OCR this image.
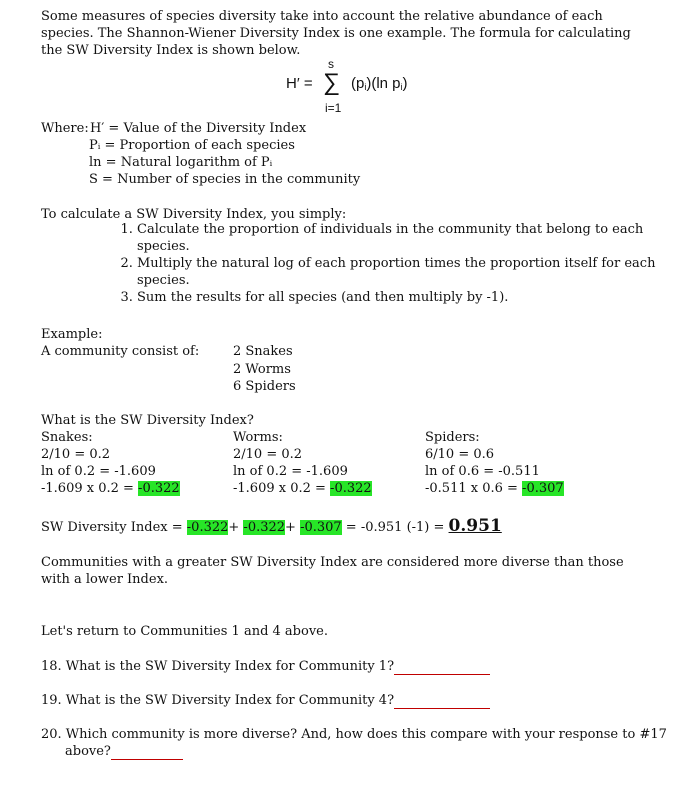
Some measures of species diversity take into account the relative abundance of each species. The Shannon-Wiener Diversity Index is one example. The formula for calculating the SW Diversity Index is shown below.
s
H′ = ∑ $(p_i)(\ln$ $p_i$)
i=1
Where: H′ = Value of the Diversity Index
Pᵢ = Proportion of each species
ln = Natural logarithm of Pᵢ
S = Number of species in the community
To calculate a SW Diversity Index, you simply:
1. Calculate the proportion of individuals in the community that belong to each species.
2. Multiply the natural log of each proportion times the proportion itself for each species.
3. Sum the results for all species (and then multiply by -1).
Example:
A community consist of:	2 Snakes
2 Worms
6 Spiders
What is the SW Diversity Index?
Snakes:
2/10 = 0.2
ln of 0.2 = -1.609
-1.609 x 0.2 = -0.322
Worms:
2/10 = 0.2
ln of 0.2 = -1.609
-1.609 x 0.2 = -0.322
Spiders:
6/10 = 0.6
ln of 0.6 = -0.511
-0.511 x 0.6 = -0.307
SW Diversity Index = -0.322+ -0.322+ -0.307 = -0.951 (-1) = 0.951
Communities with a greater SW Diversity Index are considered more diverse than those with a lower Index.
Let's return to Communities 1 and 4 above.
18. What is the SW Diversity Index for Community 1?
19. What is the SW Diversity Index for Community 4?
20. Which community is more diverse? And, how does this compare with your response to #17
above?
